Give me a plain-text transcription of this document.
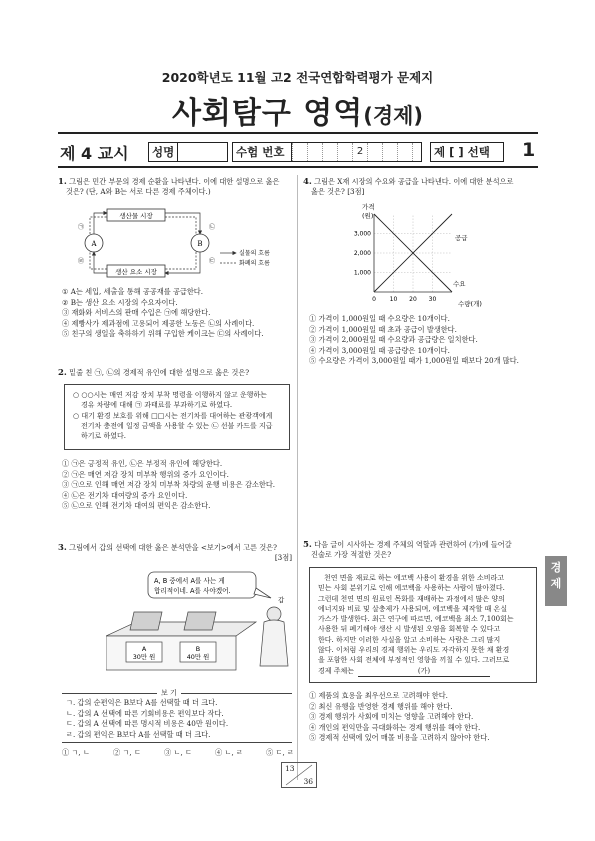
2020학년도 11월 고2 전국연합학력평가 문제지
사회탐구 영역(경제)
제 4 교시 성명	수험 번호	2	제 [ ] 선택 1
1. 그림은 민간 부문의 경제 순환을 나타낸다. 이에 대한 설명으로 옳은
것은? (단, A와 B는 서로 다른 경제 주체이다.)
생산물 시장
생산 요소 시장
A	B
㉠	㉡
㉢
㉣
실물의 흐름
화폐의 흐름
① A는 세입, 세출을 통해 공공재를 공급한다.
② B는 생산 요소 시장의 수요자이다.
③ 재화와 서비스의 판매 수입은 ㉠에 해당한다.
④ 제빵사가 제과점에 고용되어 제공한 노동은 ㉡의 사례이다.
⑤ 친구의 생일을 축하하기 위해 구입한 케이크는 ㉢의 사례이다.
2. 밑줄 친 ㉠, ㉡의 경제적 유인에 대한 설명으로 옳은 것은?
○ ○○시는 매연 저감 장치 부착 명령을 이행하지 않고 운행하는
경유 차량에 대해 ㉠ 과태료를 부과하기로 하였다.
○ 대기 환경 보호를 위해 □□시는 전기차를 대여하는 관광객에게
전기차 충전에 일정 금액을 사용할 수 있는 ㉡ 선불 카드를 지급
하기로 하였다.
① ㉠은 긍정적 유인, ㉡은 부정적 유인에 해당한다.
② ㉠은 매연 저감 장치 미부착 행위의 증가 요인이다.
③ ㉠으로 인해 매연 저감 장치 미부착 차량의 운행 비용은 감소한다.
④ ㉡은 전기차 대여량의 증가 요인이다.
⑤ ㉡으로 인해 전기차 대여의 편익은 감소한다.
3. 그림에서 갑의 선택에 대한 옳은 분석만을 <보기>에서 고른 것은?
[3점]
A, B 중에서 A를 사는 게
합리적이네. A를 사야겠어.
갑
A
30만 원
B
40만 원
보 기
ㄱ. 갑의 순편익은 B보다 A를 선택할 때 더 크다.
ㄴ. 갑의 A 선택에 따른 기회비용은 편익보다 작다.
ㄷ. 갑의 A 선택에 따른 명시적 비용은 40만 원이다.
ㄹ. 갑의 편익은 B보다 A를 선택할 때 더 크다.
① ㄱ, ㄴ	② ㄱ, ㄷ	③ ㄴ, ㄷ	④ ㄴ, ㄹ	⑤ ㄷ, ㄹ
4. 그림은 X재 시장의 수요와 공급을 나타낸다. 이에 대한 분석으로
옳은 것은? [3점]
가격
(원)
수량(개)
1,000
2,000
3,000
0 10 20 30
공급
수요
① 가격이 1,000원일 때 수요량은 10개이다.
② 가격이 1,000원일 때 초과 공급이 발생한다.
③ 가격이 2,000원일 때 수요량과 공급량은 일치한다.
④ 가격이 3,000원일 때 공급량은 10개이다.
⑤ 수요량은 가격이 3,000원일 때가 1,000원일 때보다 20개 많다.
5. 다음 글이 시사하는 경제 주체의 역할과 관련하여 (가)에 들어갈
진술로 가장 적절한 것은?
천연 면을 재료로 하는 에코백 사용이 환경을 위한 소비라고
믿는 사회 분위기로 인해 에코백을 사용하는 사람이 많아졌다.
그런데 천연 면의 원료인 목화를 재배하는 과정에서 많은 양의
에너지와 비료 및 살충제가 사용되며, 에코백을 제작할 때 온실
가스가 발생한다. 최근 연구에 따르면, 에코백을 최소 7,100회는
사용한 뒤 폐기해야 생산 시 발생된 오염을 회복할 수 있다고
한다. 하지만 이러한 사실을 알고 소비하는 사람은 그리 많지
않다. 이처럼 우리의 경제 행위는 우리도 자각하지 못한 채 환경
을 포함한 사회 전체에 부정적인 영향을 끼칠 수 있다. 그러므로
경제 주체는	(가)
① 제품의 효용을 최우선으로 고려해야 한다.
② 최신 유행을 반영한 경제 행위를 해야 한다.
③ 경제 행위가 사회에 미치는 영향을 고려해야 한다.
④ 개인의 편익만을 극대화하는 경제 행위를 해야 한다.
⑤ 경제적 선택에 있어 매몰 비용을 고려하지 않아야 한다.
경
제
13
36
